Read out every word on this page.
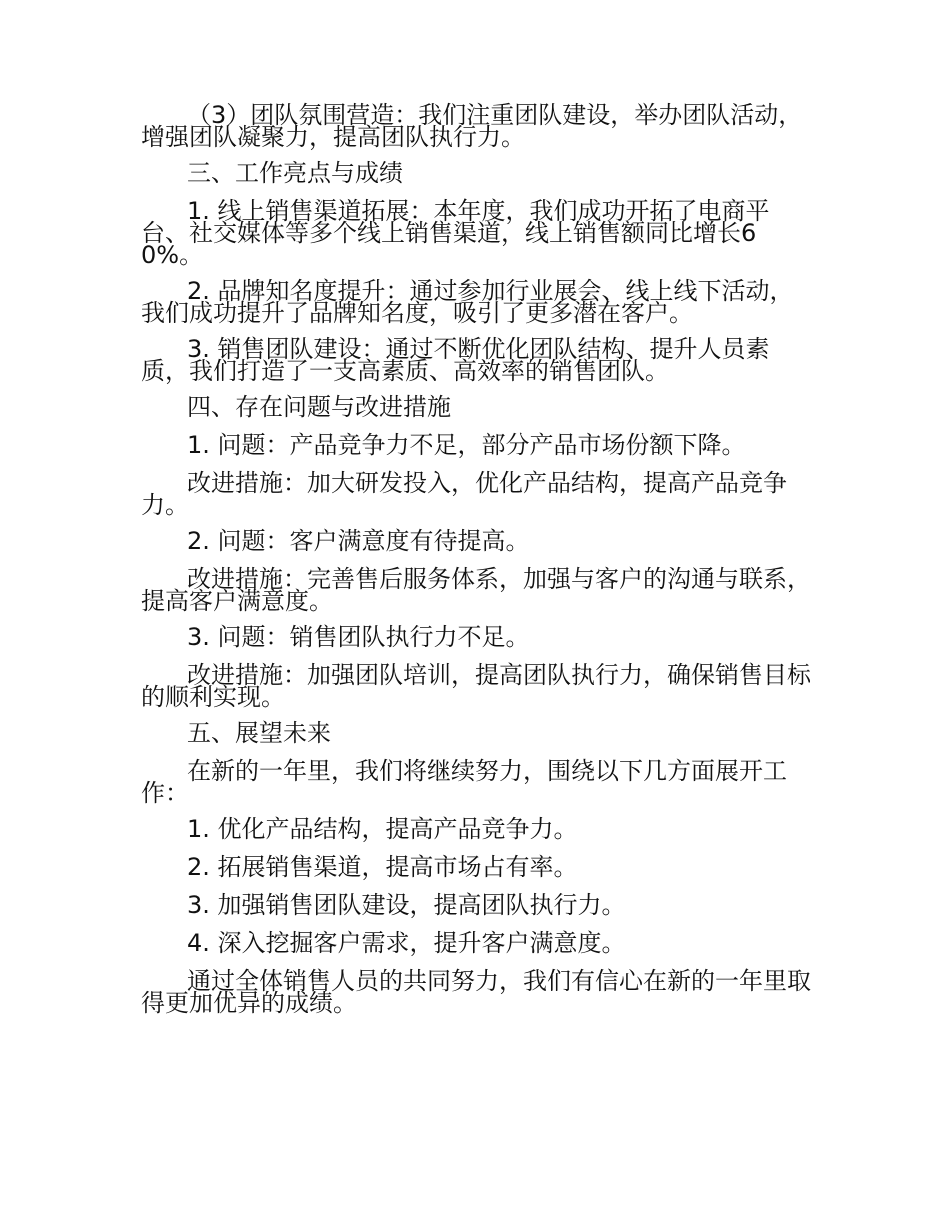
（3）团队氛围营造：我们注重团队建设，举办团队活动，增强团队凝聚力，提高团队执行力。

三、工作亮点与成绩

1. 线上销售渠道拓展：本年度，我们成功开拓了电商平台、社交媒体等多个线上销售渠道，线上销售额同比增长60%。

2. 品牌知名度提升：通过参加行业展会、线上线下活动，我们成功提升了品牌知名度，吸引了更多潜在客户。

3. 销售团队建设：通过不断优化团队结构、提升人员素质，我们打造了一支高素质、高效率的销售团队。

四、存在问题与改进措施

1. 问题：产品竞争力不足，部分产品市场份额下降。

改进措施：加大研发投入，优化产品结构，提高产品竞争力。

2. 问题：客户满意度有待提高。

改进措施：完善售后服务体系，加强与客户的沟通与联系，提高客户满意度。

3. 问题：销售团队执行力不足。

改进措施：加强团队培训，提高团队执行力，确保销售目标的顺利实现。

五、展望未来

在新的一年里，我们将继续努力，围绕以下几方面展开工作：

1. 优化产品结构，提高产品竞争力。

2. 拓展销售渠道，提高市场占有率。

3. 加强销售团队建设，提高团队执行力。

4. 深入挖掘客户需求，提升客户满意度。

通过全体销售人员的共同努力，我们有信心在新的一年里取得更加优异的成绩。
